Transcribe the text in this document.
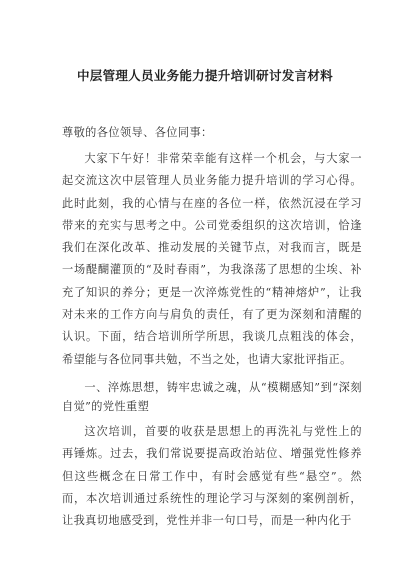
中层管理人员业务能力提升培训研讨发言材料
尊敬的各位领导、各位同事：

大家下午好！非常荣幸能有这样一个机会，与大家一起交流这次中层管理人员业务能力提升培训的学习心得。此时此刻，我的心情与在座的各位一样，依然沉浸在学习带来的充实与思考之中。公司党委组织的这次培训，恰逢我们在深化改革、推动发展的关键节点，对我而言，既是一场醍醐灌顶的“及时春雨”，为我涤荡了思想的尘埃、补充了知识的养分；更是一次淬炼党性的“精神熔炉”，让我对未来的工作方向与肩负的责任，有了更为深刻和清醒的认识。下面，结合培训所学所思，我谈几点粗浅的体会，希望能与各位同事共勉，不当之处，也请大家批评指正。

一、淬炼思想，铸牢忠诚之魂，从“模糊感知”到“深刻自觉”的党性重塑

这次培训，首要的收获是思想上的再洗礼与党性上的再锤炼。过去，我们常说要提高政治站位、增强党性修养但这些概念在日常工作中，有时会感觉有些“悬空”。然而，本次培训通过系统性的理论学习与深刻的案例剖析，让我真切地感受到，党性并非一句口号，而是一种内化于
